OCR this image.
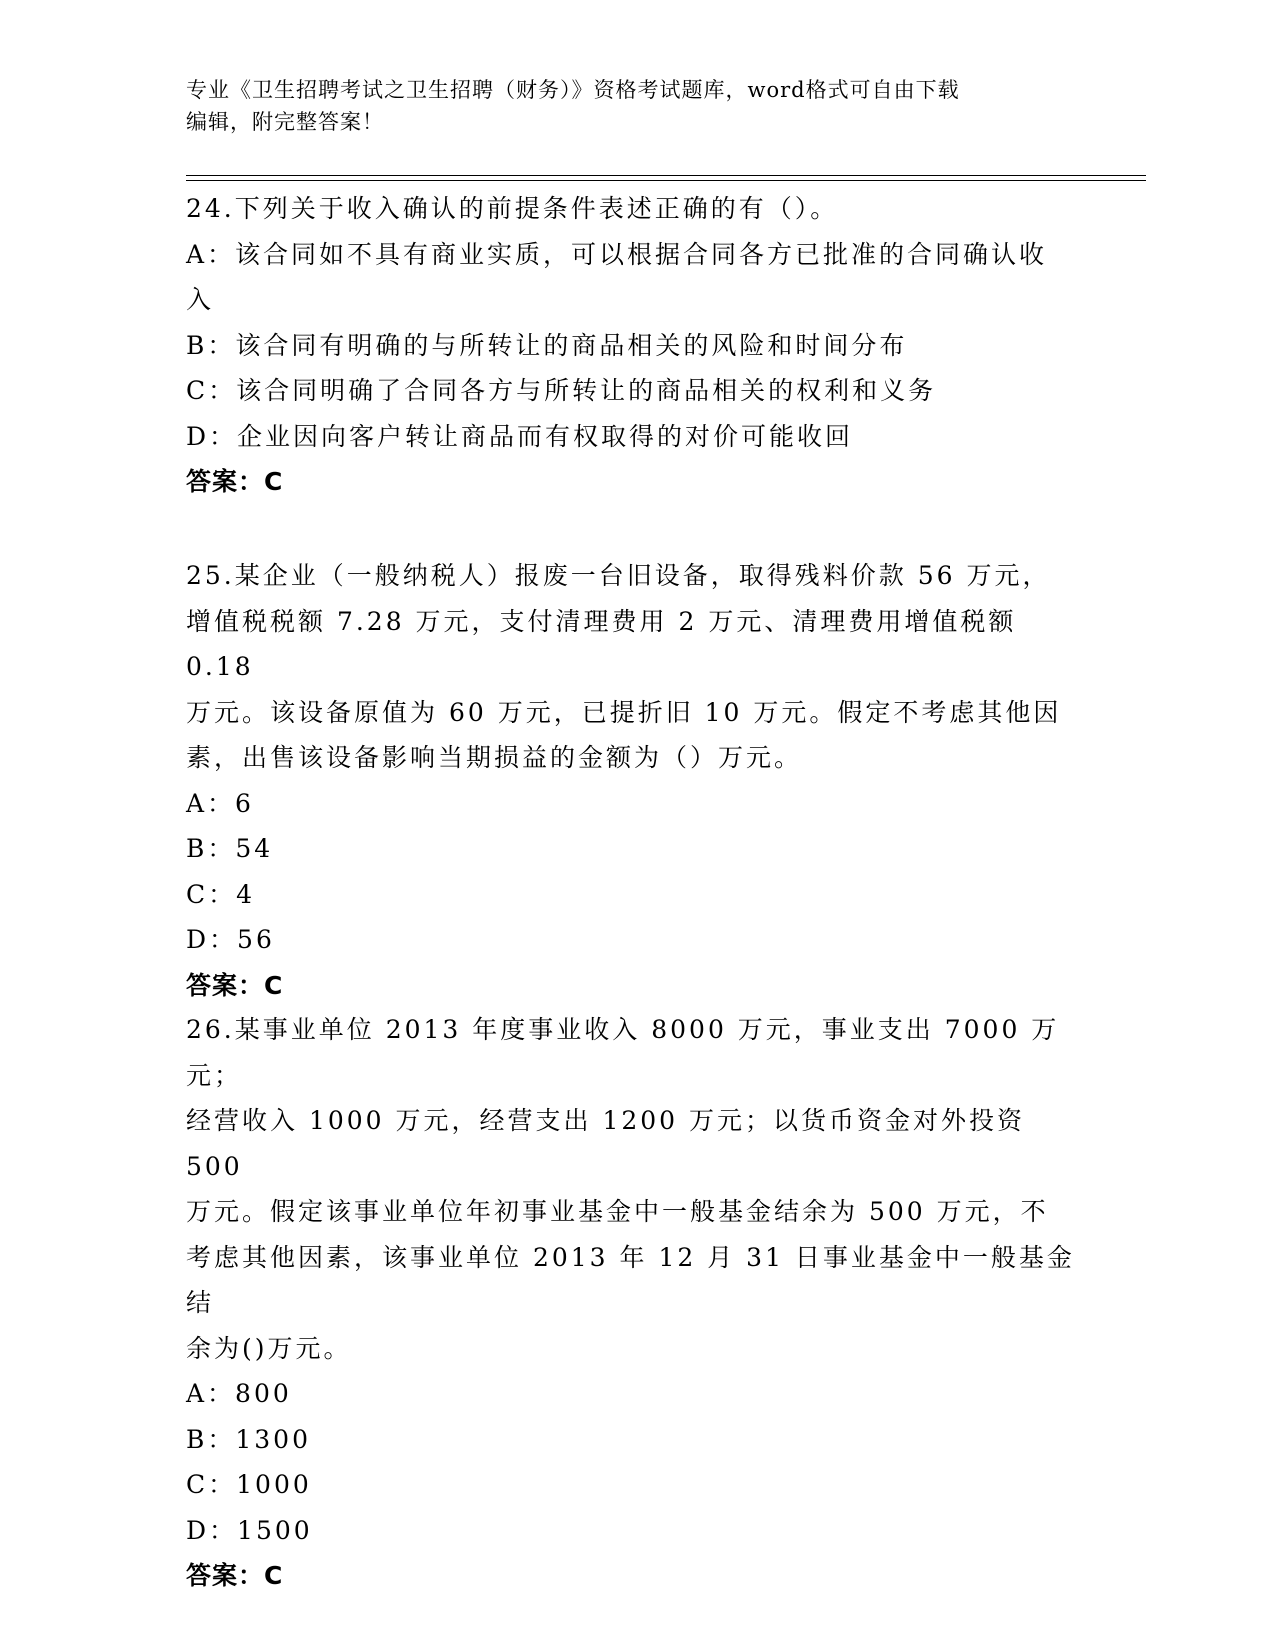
专业《卫生招聘考试之卫生招聘（财务）》资格考试题库，word格式可自由下载
编辑，附完整答案！
24.下列关于收入确认的前提条件表述正确的有（）。
A：该合同如不具有商业实质，可以根据合同各方已批准的合同确认收
入
B：该合同有明确的与所转让的商品相关的风险和时间分布
C：该合同明确了合同各方与所转让的商品相关的权利和义务
D：企业因向客户转让商品而有权取得的对价可能收回
答案：C
25.某企业（一般纳税人）报废一台旧设备，取得残料价款 56 万元，
增值税税额 7.28 万元，支付清理费用 2 万元、清理费用增值税额 0.18
万元。该设备原值为 60 万元，已提折旧 10 万元。假定不考虑其他因
素，出售该设备影响当期损益的金额为（）万元。
A：6
B：54
C：4
D：56
答案：C
26.某事业单位 2013 年度事业收入 8000 万元，事业支出 7000 万元；
经营收入 1000 万元，经营支出 1200 万元；以货币资金对外投资 500
万元。假定该事业单位年初事业基金中一般基金结余为 500 万元，不
考虑其他因素，该事业单位 2013 年 12 月 31 日事业基金中一般基金结
余为()万元。
A：800
B：1300
C：1000
D：1500
答案：C
